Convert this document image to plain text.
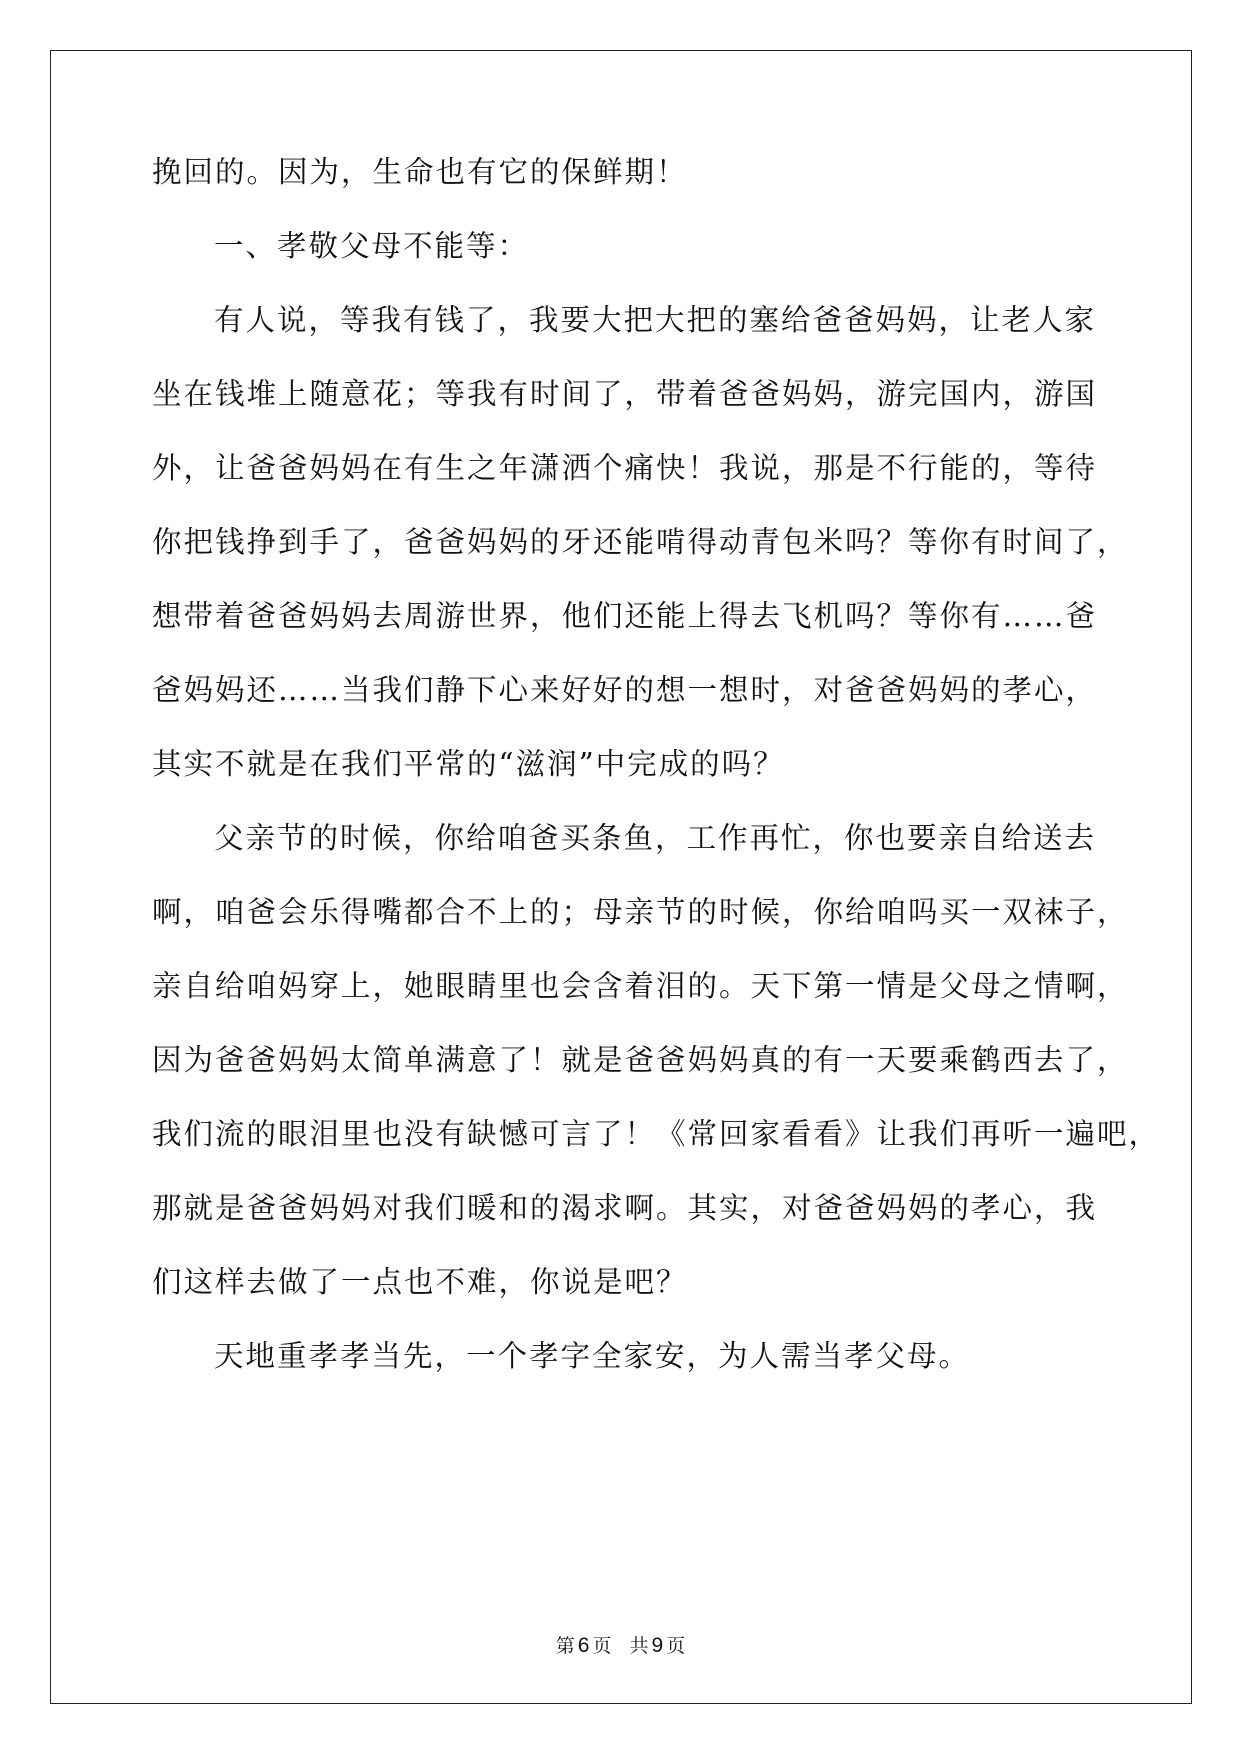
挽回的。因为，生命也有它的保鲜期！

一、孝敬父母不能等：

有人说，等我有钱了，我要大把大把的塞给爸爸妈妈，让老人家

坐在钱堆上随意花；等我有时间了，带着爸爸妈妈，游完国内，游国

外，让爸爸妈妈在有生之年潇洒个痛快！我说，那是不行能的，等待

你把钱挣到手了，爸爸妈妈的牙还能啃得动青包米吗？等你有时间了，

想带着爸爸妈妈去周游世界，他们还能上得去飞机吗？等你有……爸

爸妈妈还……当我们静下心来好好的想一想时，对爸爸妈妈的孝心，

其实不就是在我们平常的“滋润”中完成的吗？

父亲节的时候，你给咱爸买条鱼，工作再忙，你也要亲自给送去

啊，咱爸会乐得嘴都合不上的；母亲节的时候，你给咱吗买一双袜子，

亲自给咱妈穿上，她眼睛里也会含着泪的。天下第一情是父母之情啊，

因为爸爸妈妈太简单满意了！就是爸爸妈妈真的有一天要乘鹤西去了，

我们流的眼泪里也没有缺憾可言了！《常回家看看》让我们再听一遍吧，

那就是爸爸妈妈对我们暖和的渴求啊。其实，对爸爸妈妈的孝心，我

们这样去做了一点也不难，你说是吧？

天地重孝孝当先，一个孝字全家安，为人需当孝父母。

第 6 页 共 9 页
